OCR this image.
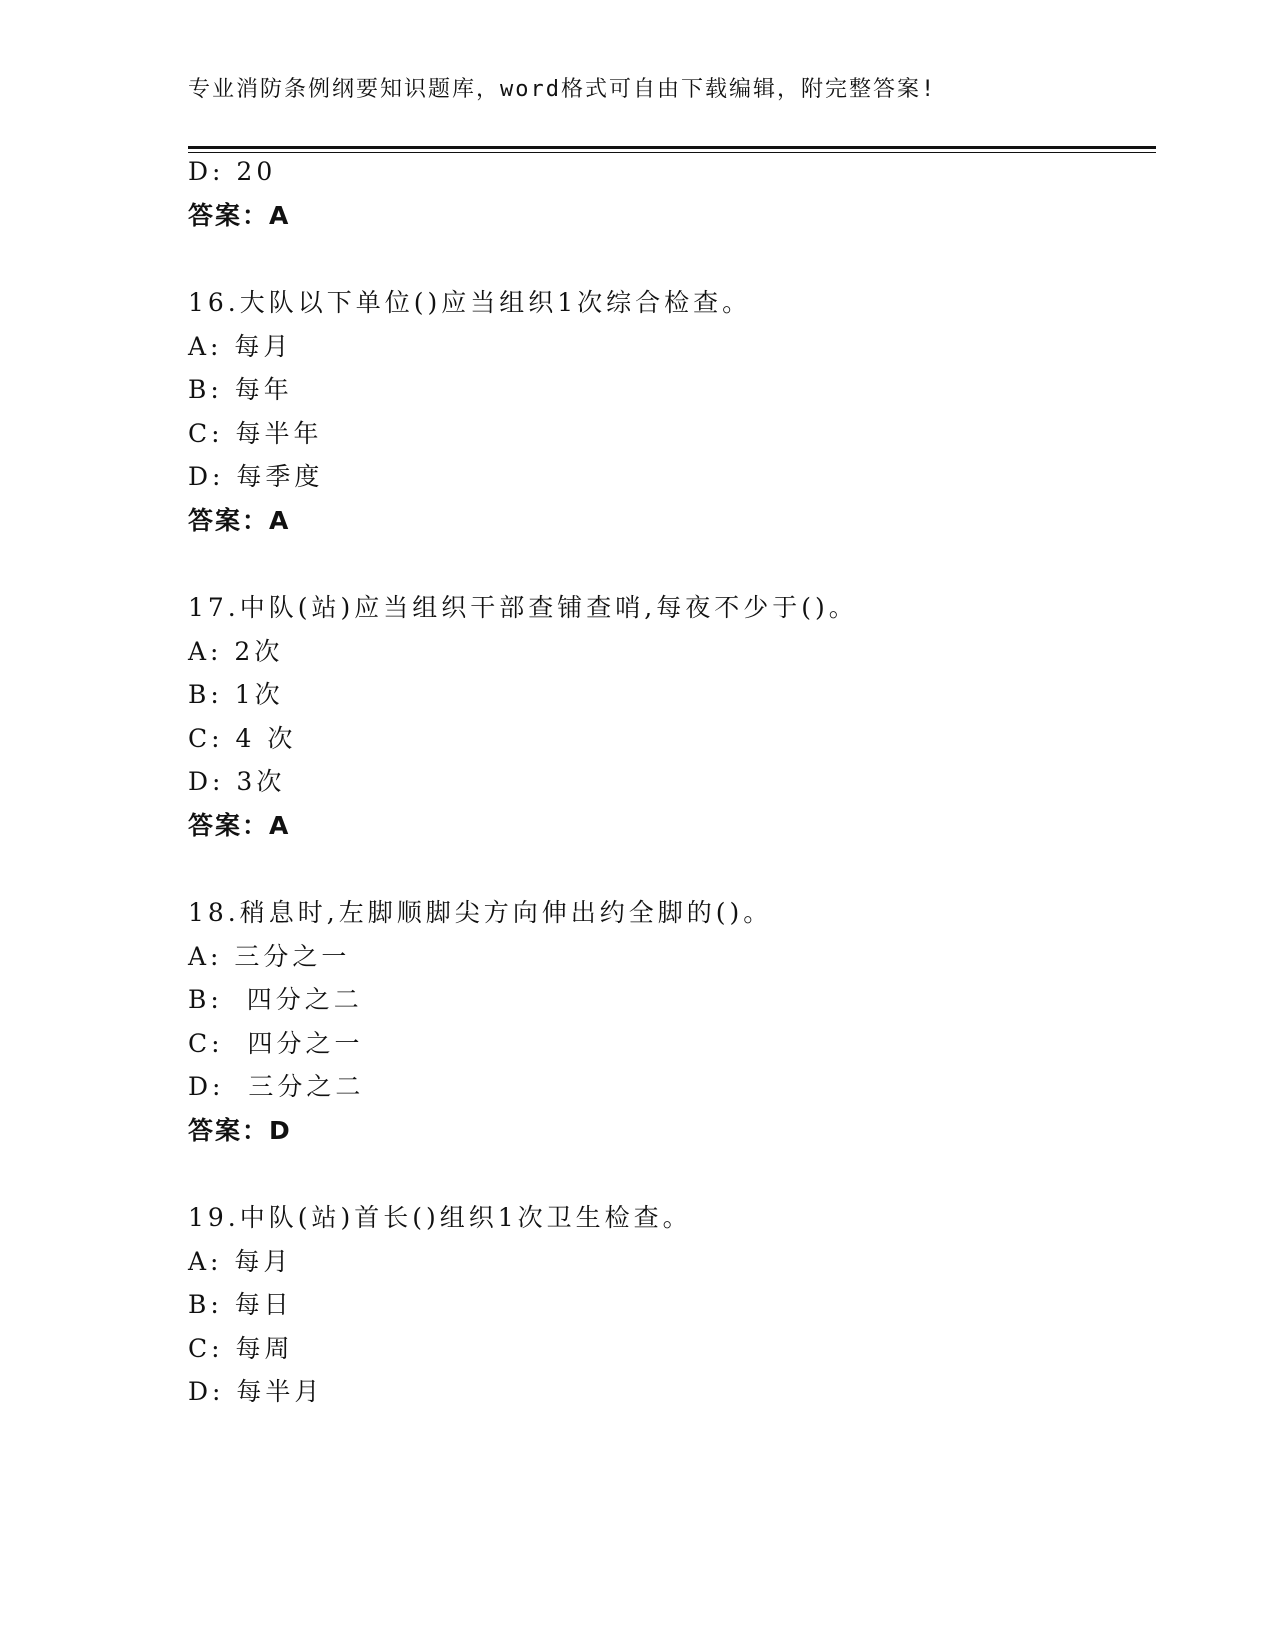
专业消防条例纲要知识题库，word格式可自由下载编辑，附完整答案!
D: 20
答案：A
16.大队以下单位()应当组织1次综合检查。
A: 每月
B: 每年
C: 每半年
D: 每季度
答案：A
17.中队(站)应当组织干部查铺查哨,每夜不少于()。
A: 2次
B: 1次
C: 4 次
D: 3次
答案：A
18.稍息时,左脚顺脚尖方向伸出约全脚的()。
A: 三分之一
B:  四分之二
C:  四分之一
D:  三分之二
答案：D
19.中队(站)首长()组织1次卫生检查。
A: 每月
B: 每日
C: 每周
D: 每半月
